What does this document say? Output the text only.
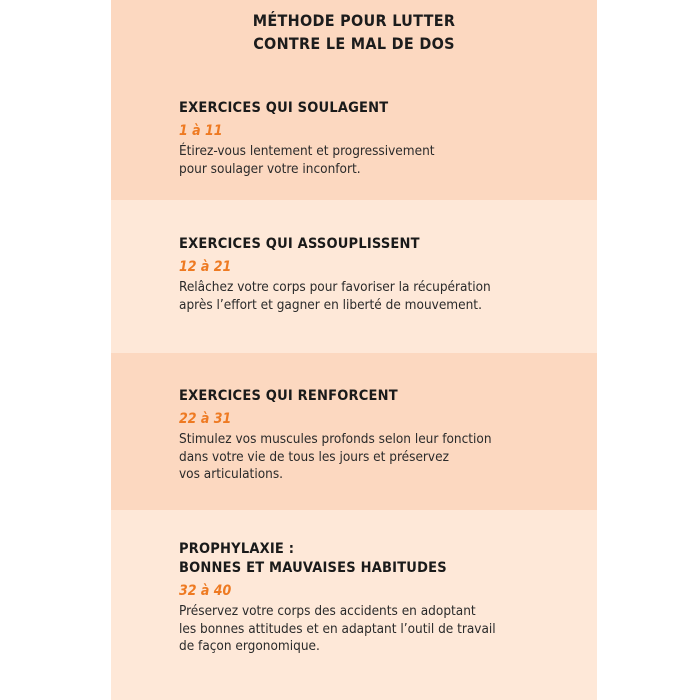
MÉTHODE POUR LUTTER
CONTRE LE MAL DE DOS
EXERCICES QUI SOULAGENT
1 à 11
Étirez-vous lentement et progressivement
pour soulager votre inconfort.
EXERCICES QUI ASSOUPLISSENT
12 à 21
Relâchez votre corps pour favoriser la récupération
après l’effort et gagner en liberté de mouvement.
EXERCICES QUI RENFORCENT
22 à 31
Stimulez vos muscules profonds selon leur fonction
dans votre vie de tous les jours et préservez
vos articulations.
PROPHYLAXIE :
BONNES ET MAUVAISES HABITUDES
32 à 40
Préservez votre corps des accidents en adoptant
les bonnes attitudes et en adaptant l’outil de travail
de façon ergonomique.
